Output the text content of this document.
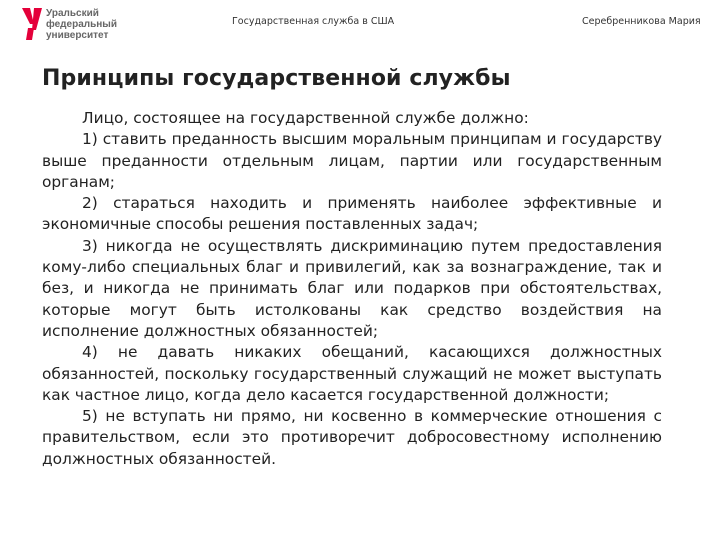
Уральский
федеральный
университет
Государственная служба в США	Серебренникова Мария
Принципы государственной службы

Лицо, состоящее на государственной службе должно:

1) ставить преданность высшим моральным принципам и государству выше преданности отдельным лицам, партии или государственным органам;

2) стараться находить и применять наиболее эффективные и экономичные способы решения поставленных задач;

3) никогда не осуществлять дискриминацию путем предоставления кому-либо специальных благ и привилегий, как за вознаграждение, так и без, и никогда не принимать благ или подарков при обстоятельствах, которые могут быть истолкованы как средство воздействия на исполнение должностных обязанностей;

4) не давать никаких обещаний, касающихся должностных обязанностей, поскольку государственный служащий не может выступать как частное лицо, когда дело касается государственной должности;

5) не вступать ни прямо, ни косвенно в коммерческие отношения с правительством, если это противоречит добросовестному исполнению должностных обязанностей.
